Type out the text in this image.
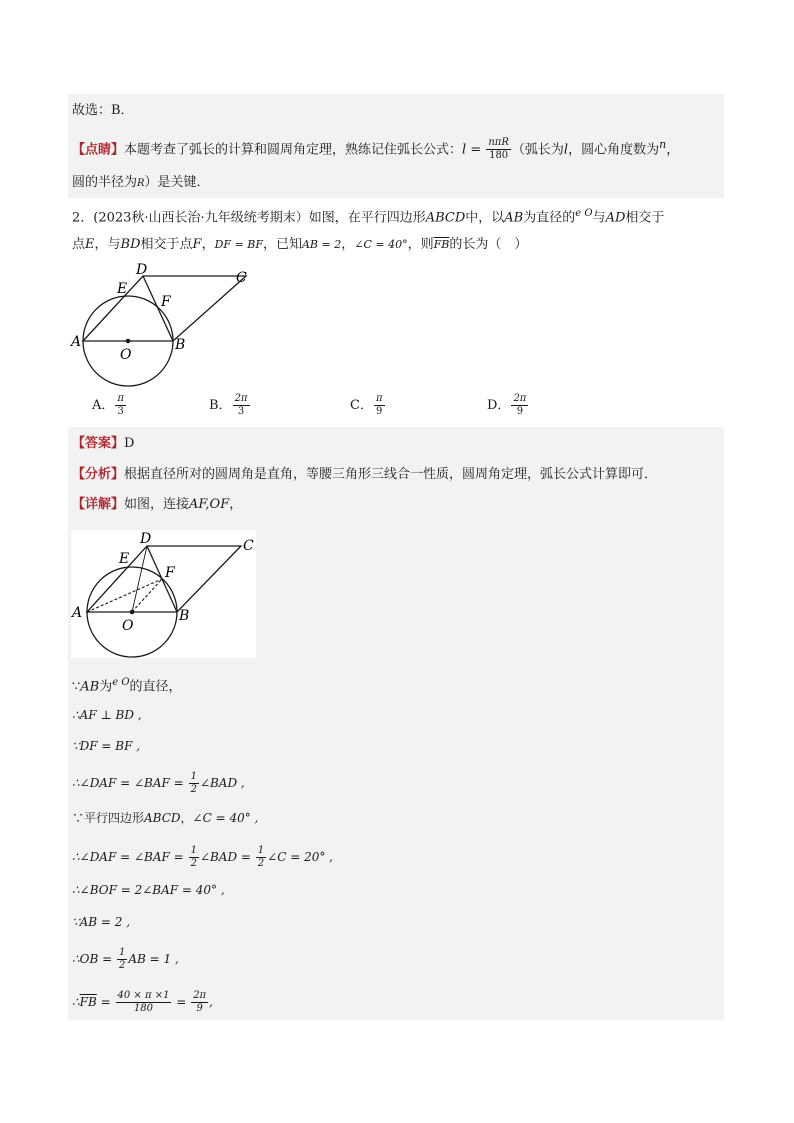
故选：B．
【点睛】本题考查了弧长的计算和圆周角定理，熟练记住弧长公式：$l = \frac{\text{nπR}}{180}$ （弧长为l，圆心角度数为$^n$，
圆的半径为R）是关键．
2．(2023秋·山西长治·九年级统考期末）如图，在平行四边形ABCD中，以AB为直径的$^{e O}$与AD相交于
点E，与BD相交于点F，DF = BF，已知AB = 2，∠C = 40°，则$\overline{FB}$的长为（　）
A	B
C
D
E
F
O
A． $\frac{\pi}{3}$	B． $\frac{2\pi}{3}$	C． $\frac{\pi}{9}$	D． $\frac{2\pi}{9}$
【答案】D
【分析】根据直径所对的圆周角是直角，等腰三角形三线合一性质，圆周角定理，弧长公式计算即可．
【详解】如图，连接AF,OF，
A	B
C
D
E
F
O
∵AB为$^{e O}$的直径，
∴AF ⊥ BD ,
∵DF = BF ,
∴∠DAF = ∠BAF = $\frac{1}{2}$ ∠BAD ,
∵平行四边形ABCD，∠C = 40° ,
∴∠DAF = ∠BAF = $\frac{1}{2}$ ∠BAD = $\frac{1}{2}$ ∠C = 20° ,
∴∠BOF = 2∠BAF = 40° ,
∵AB = 2 ,
∴OB = $\frac{1}{2}$ AB = 1 ,
$\therefore\overline{FB} = \frac{40 \times \pi \times 1}{180} = \frac{2\pi}{9}$ ,
